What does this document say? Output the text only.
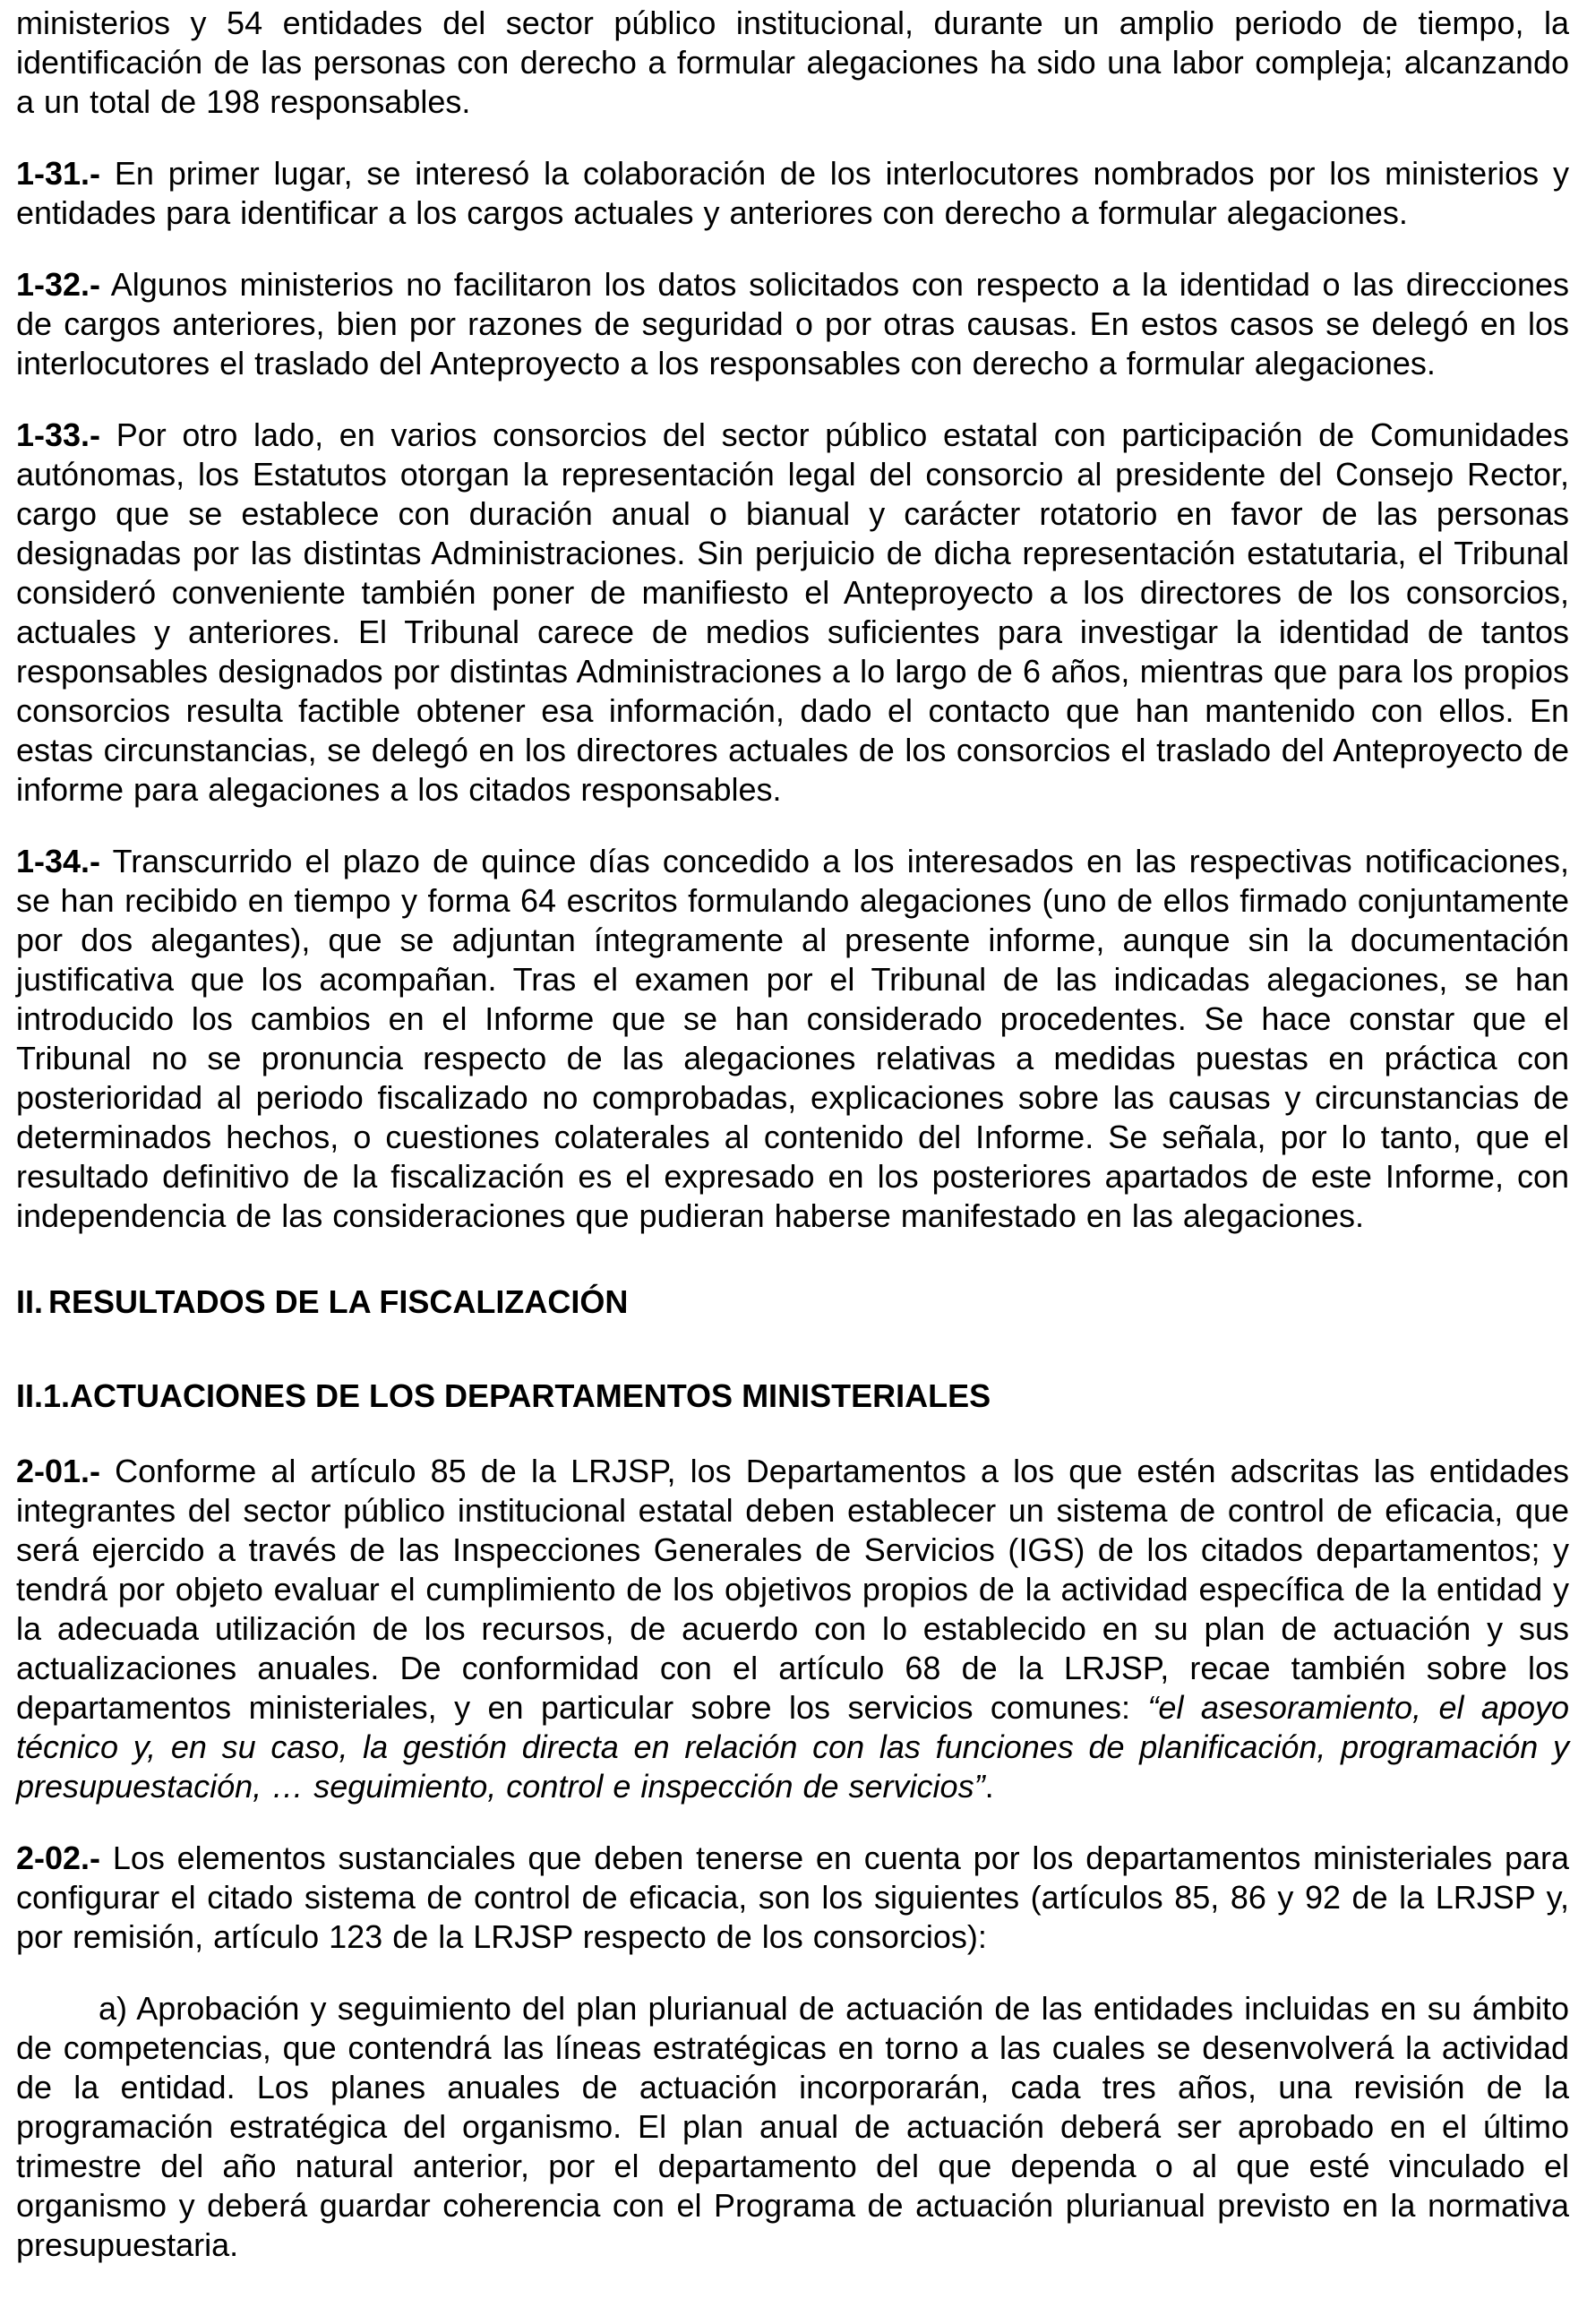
ministerios y 54 entidades del sector público institucional, durante un amplio periodo de tiempo, la identificación de las personas con derecho a formular alegaciones ha sido una labor compleja; alcanzando a un total de 198 responsables.

1-31.- En primer lugar, se interesó la colaboración de los interlocutores nombrados por los ministerios y entidades para identificar a los cargos actuales y anteriores con derecho a formular alegaciones.

1-32.- Algunos ministerios no facilitaron los datos solicitados con respecto a la identidad o las direcciones de cargos anteriores, bien por razones de seguridad o por otras causas. En estos casos se delegó en los interlocutores el traslado del Anteproyecto a los responsables con derecho a formular alegaciones.

1-33.- Por otro lado, en varios consorcios del sector público estatal con participación de Comunidades autónomas, los Estatutos otorgan la representación legal del consorcio al presidente del Consejo Rector, cargo que se establece con duración anual o bianual y carácter rotatorio en favor de las personas designadas por las distintas Administraciones. Sin perjuicio de dicha representación estatutaria, el Tribunal consideró conveniente también poner de manifiesto el Anteproyecto a los directores de los consorcios, actuales y anteriores. El Tribunal carece de medios suficientes para investigar la identidad de tantos responsables designados por distintas Administraciones a lo largo de 6 años, mientras que para los propios consorcios resulta factible obtener esa información, dado el contacto que han mantenido con ellos. En estas circunstancias, se delegó en los directores actuales de los consorcios el traslado del Anteproyecto de informe para alegaciones a los citados responsables.

1-34.- Transcurrido el plazo de quince días concedido a los interesados en las respectivas notificaciones, se han recibido en tiempo y forma 64 escritos formulando alegaciones (uno de ellos firmado conjuntamente por dos alegantes), que se adjuntan íntegramente al presente informe, aunque sin la documentación justificativa que los acompañan. Tras el examen por el Tribunal de las indicadas alegaciones, se han introducido los cambios en el Informe que se han considerado procedentes. Se hace constar que el Tribunal no se pronuncia respecto de las alegaciones relativas a medidas puestas en práctica con posterioridad al periodo fiscalizado no comprobadas, explicaciones sobre las causas y circunstancias de determinados hechos, o cuestiones colaterales al contenido del Informe. Se señala, por lo tanto, que el resultado definitivo de la fiscalización es el expresado en los posteriores apartados de este Informe, con independencia de las consideraciones que pudieran haberse manifestado en las alegaciones.

II. RESULTADOS DE LA FISCALIZACIÓN
II.1. ACTUACIONES DE LOS DEPARTAMENTOS MINISTERIALES

2-01.- Conforme al artículo 85 de la LRJSP, los Departamentos a los que estén adscritas las entidades integrantes del sector público institucional estatal deben establecer un sistema de control de eficacia, que será ejercido a través de las Inspecciones Generales de Servicios (IGS) de los citados departamentos; y tendrá por objeto evaluar el cumplimiento de los objetivos propios de la actividad específica de la entidad y la adecuada utilización de los recursos, de acuerdo con lo establecido en su plan de actuación y sus actualizaciones anuales. De conformidad con el artículo 68 de la LRJSP, recae también sobre los departamentos ministeriales, y en particular sobre los servicios comunes: “el asesoramiento, el apoyo técnico y, en su caso, la gestión directa en relación con las funciones de planificación, programación y presupuestación, … seguimiento, control e inspección de servicios”.

2-02.- Los elementos sustanciales que deben tenerse en cuenta por los departamentos ministeriales para configurar el citado sistema de control de eficacia, son los siguientes (artículos 85, 86 y 92 de la LRJSP y, por remisión, artículo 123 de la LRJSP respecto de los consorcios):

a) Aprobación y seguimiento del plan plurianual de actuación de las entidades incluidas en su ámbito de competencias, que contendrá las líneas estratégicas en torno a las cuales se desenvolverá la actividad de la entidad. Los planes anuales de actuación incorporarán, cada tres años, una revisión de la programación estratégica del organismo. El plan anual de actuación deberá ser aprobado en el último trimestre del año natural anterior, por el departamento del que dependa o al que esté vinculado el organismo y deberá guardar coherencia con el Programa de actuación plurianual previsto en la normativa presupuestaria.
